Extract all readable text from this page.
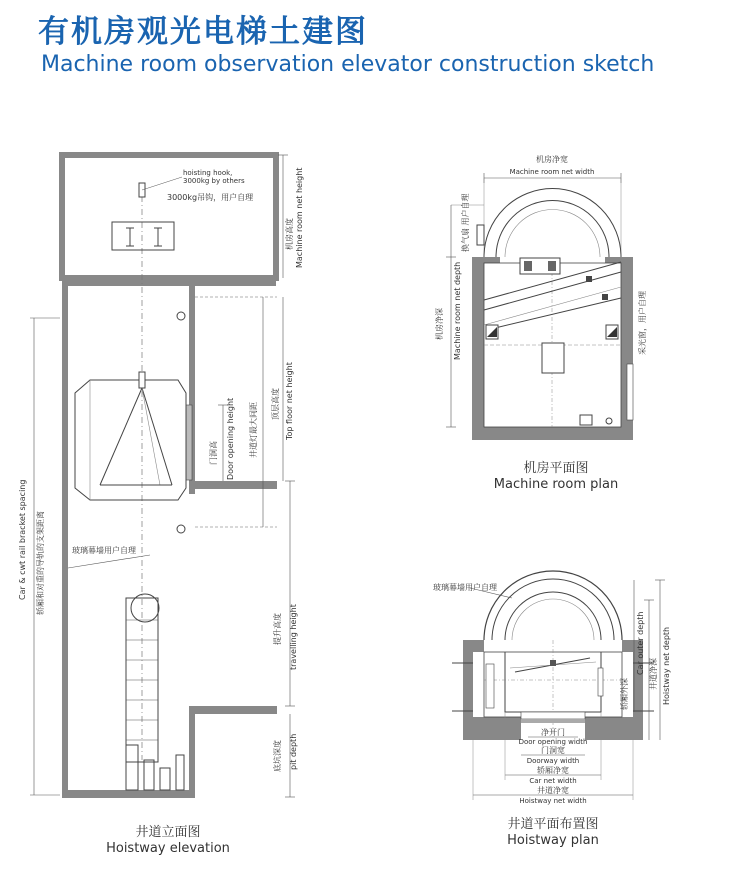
有机房观光电梯土建图
Machine room observation elevator construction sketch
hoisting hook,
3000kg by others
3000kg吊钩，用户自理
机房高度 Machine room net height
顶层高度 Top floor net height
井道灯最大间距
门洞高 Door opening height
玻璃幕墙用户自理
Car & cwt rail bracket spacing 轿厢和对重的导轨的支架距离
提升高度 travelling height
底坑深度 pit depth
井道立面图
Hoistway elevation
机房净宽
Machine room net width
换气扇 用户自理
机房净深 Machine room net depth	采光窗，用户自理
机房平面图
Machine room plan
玻璃幕墙用户自理
轿厢外深
Car outer depth 井道净深 Hoistway net depth
净开门
Door opening width
门洞宽
Doorway width
轿厢净宽
Car net width
井道净宽
Hoistway net width
井道平面布置图
Hoistway plan
